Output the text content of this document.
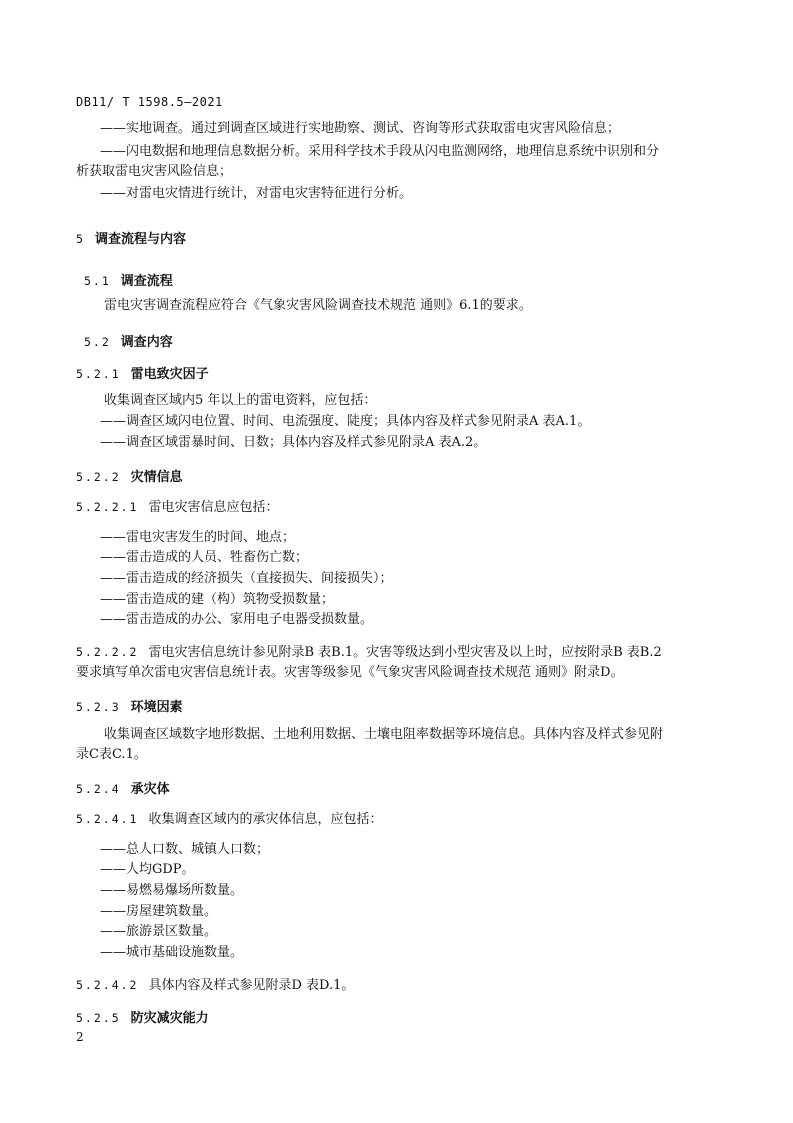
DB11/ T 1598.5—2021
——实地调查。通过到调查区域进行实地勘察、测试、咨询等形式获取雷电灾害风险信息；
——闪电数据和地理信息数据分析。采用科学技术手段从闪电监测网络，地理信息系统中识别和分
析获取雷电灾害风险信息；
——对雷电灾情进行统计，对雷电灾害特征进行分析。
5 调查流程与内容
5.1 调查流程
雷电灾害调查流程应符合《气象灾害风险调查技术规范 通则》6.1的要求。
5.2 调查内容
5.2.1 雷电致灾因子
收集调查区域内5 年以上的雷电资料，应包括：
——调查区域闪电位置、时间、电流强度、陡度；具体内容及样式参见附录A 表A.1。
——调查区域雷暴时间、日数；具体内容及样式参见附录A 表A.2。
5.2.2 灾情信息
5.2.2.1 雷电灾害信息应包括：
——雷电灾害发生的时间、地点；
——雷击造成的人员、牲畜伤亡数；
——雷击造成的经济损失（直接损失、间接损失）；
——雷击造成的建（构）筑物受损数量；
——雷击造成的办公、家用电子电器受损数量。
5.2.2.2 雷电灾害信息统计参见附录B 表B.1。灾害等级达到小型灾害及以上时，应按附录B 表B.2
要求填写单次雷电灾害信息统计表。灾害等级参见《气象灾害风险调查技术规范 通则》附录D。
5.2.3 环境因素
收集调查区域数字地形数据、土地利用数据、土壤电阻率数据等环境信息。具体内容及样式参见附
录C表C.1。
5.2.4 承灾体
5.2.4.1 收集调查区域内的承灾体信息，应包括：
——总人口数、城镇人口数；
——人均GDP。
——易燃易爆场所数量。
——房屋建筑数量。
——旅游景区数量。
——城市基础设施数量。
5.2.4.2 具体内容及样式参见附录D 表D.1。
5.2.5 防灾减灾能力
2
